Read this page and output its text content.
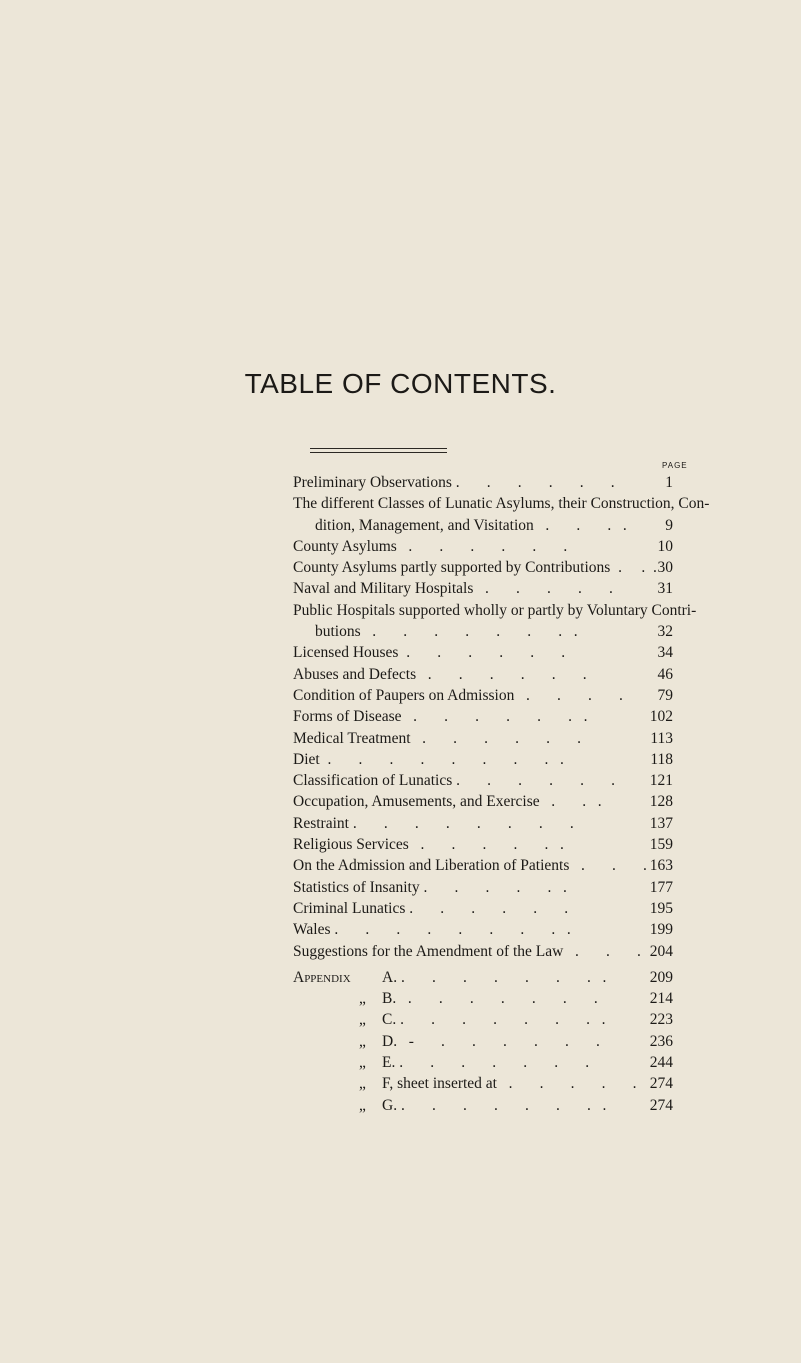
TABLE OF CONTENTS.
PAGE
Preliminary Observations .       .       .       .       .       .	1
The different Classes of Lunatic Asylums, their Construction, Con-
dition, Management, and Visitation   .       .       .   . 9
County Asylums   .       .       .       .       .       .	10
County Asylums partly supported by Contributions  .     .  . 30
Naval and Military Hospitals   .       .       .       .       .	31
Public Hospitals supported wholly or partly by Voluntary Contri-
butions   .       .       .       .       .       .       .   .	32
Licensed Houses  .       .       .       .       .       .	34
Abuses and Defects   .       .       .       .       .       .	46
Condition of Paupers on Admission   .       .       .       . 79
Forms of Disease   .       .       .       .       .       .   .	102
Medical Treatment   .       .       .       .       .       .	113
Diet  .       .       .       .       .       .       .       .   .	118
Classification of Lunatics .       .       .       .       .       . 121
Occupation, Amusements, and Exercise   .       .   .	128
Restraint .       .       .       .       .       .       .       .	137
Religious Services   .       .       .       .       .   .	159
On the Admission and Liberation of Patients   .       .       . 163
Statistics of Insanity .       .       .       .       .   .	177
Criminal Lunatics .       .       .       .       .       .	195
Wales .       .       .       .       .       .       .       .   .	199
Suggestions for the Amendment of the Law   .       .       . 204
Appendix A. .       .       .       .       .       .       .   .	209
„ B.   .       .       .       .       .       .       .	214
„ C. .       .       .       .       .       .       .   .	223
„ D.   -       .       .       .       .       .       .	236
„ E. .       .       .       .       .       .       .	244
„ F, sheet inserted at   .       .       .       .       . 274
„ G. .       .       .       .       .       .       .   .	274
